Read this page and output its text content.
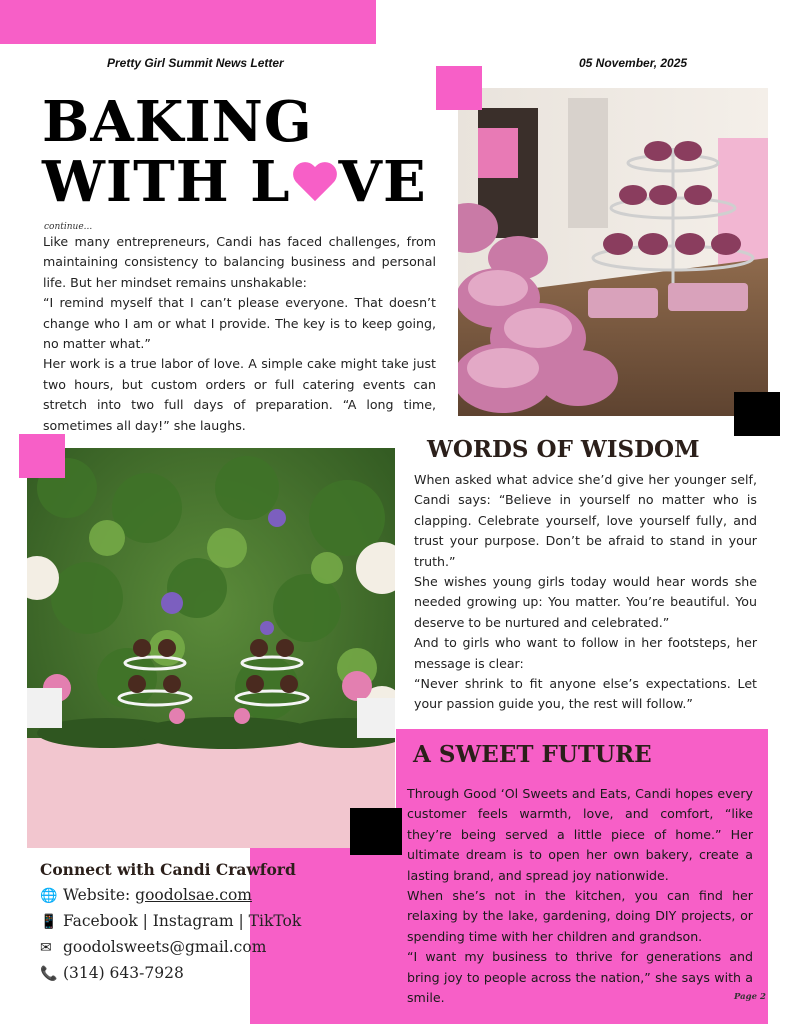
Pretty Girl Summit News Letter	05 November, 2025
BAKING
WITH L VE
continue...

Like many entrepreneurs, Candi has faced challenges, from maintaining consistency to balancing business and personal life. But her mindset remains unshakable:

“I remind myself that I can’t please everyone. That doesn’t change who I am or what I provide. The key is to keep going, no matter what.”

Her work is a true labor of love. A simple cake might take just two hours, but custom orders or full catering events can stretch into two full days of preparation. “A long time, sometimes all day!” she laughs.

WORDS OF WISDOM

When asked what advice she’d give her younger self, Candi says: “Believe in yourself no matter who is clapping. Celebrate yourself, love yourself fully, and trust your purpose. Don’t be afraid to stand in your truth.”

She wishes young girls today would hear words she needed growing up: You matter. You’re beautiful. You deserve to be nurtured and celebrated.”

And to girls who want to follow in her footsteps, her message is clear:

“Never shrink to fit anyone else’s expectations. Let your passion guide you, the rest will follow.”

A SWEET FUTURE

Through Good ‘Ol Sweets and Eats, Candi hopes every customer feels warmth, love, and comfort, “like they’re being served a little piece of home.” Her ultimate dream is to open her own bakery, create a lasting brand, and spread joy nationwide.

When she’s not in the kitchen, you can find her relaxing by the lake, gardening, doing DIY projects, or spending time with her children and grandson.

“I want my business to thrive for generations and bring joy to people across the nation,” she says with a smile.

Connect with Candi Crawford
🌐 Website: goodolsae.com
📱 Facebook | Instagram | TikTok
✉ goodolsweets@gmail.com
📞 (314) 643-7928
Page 2
